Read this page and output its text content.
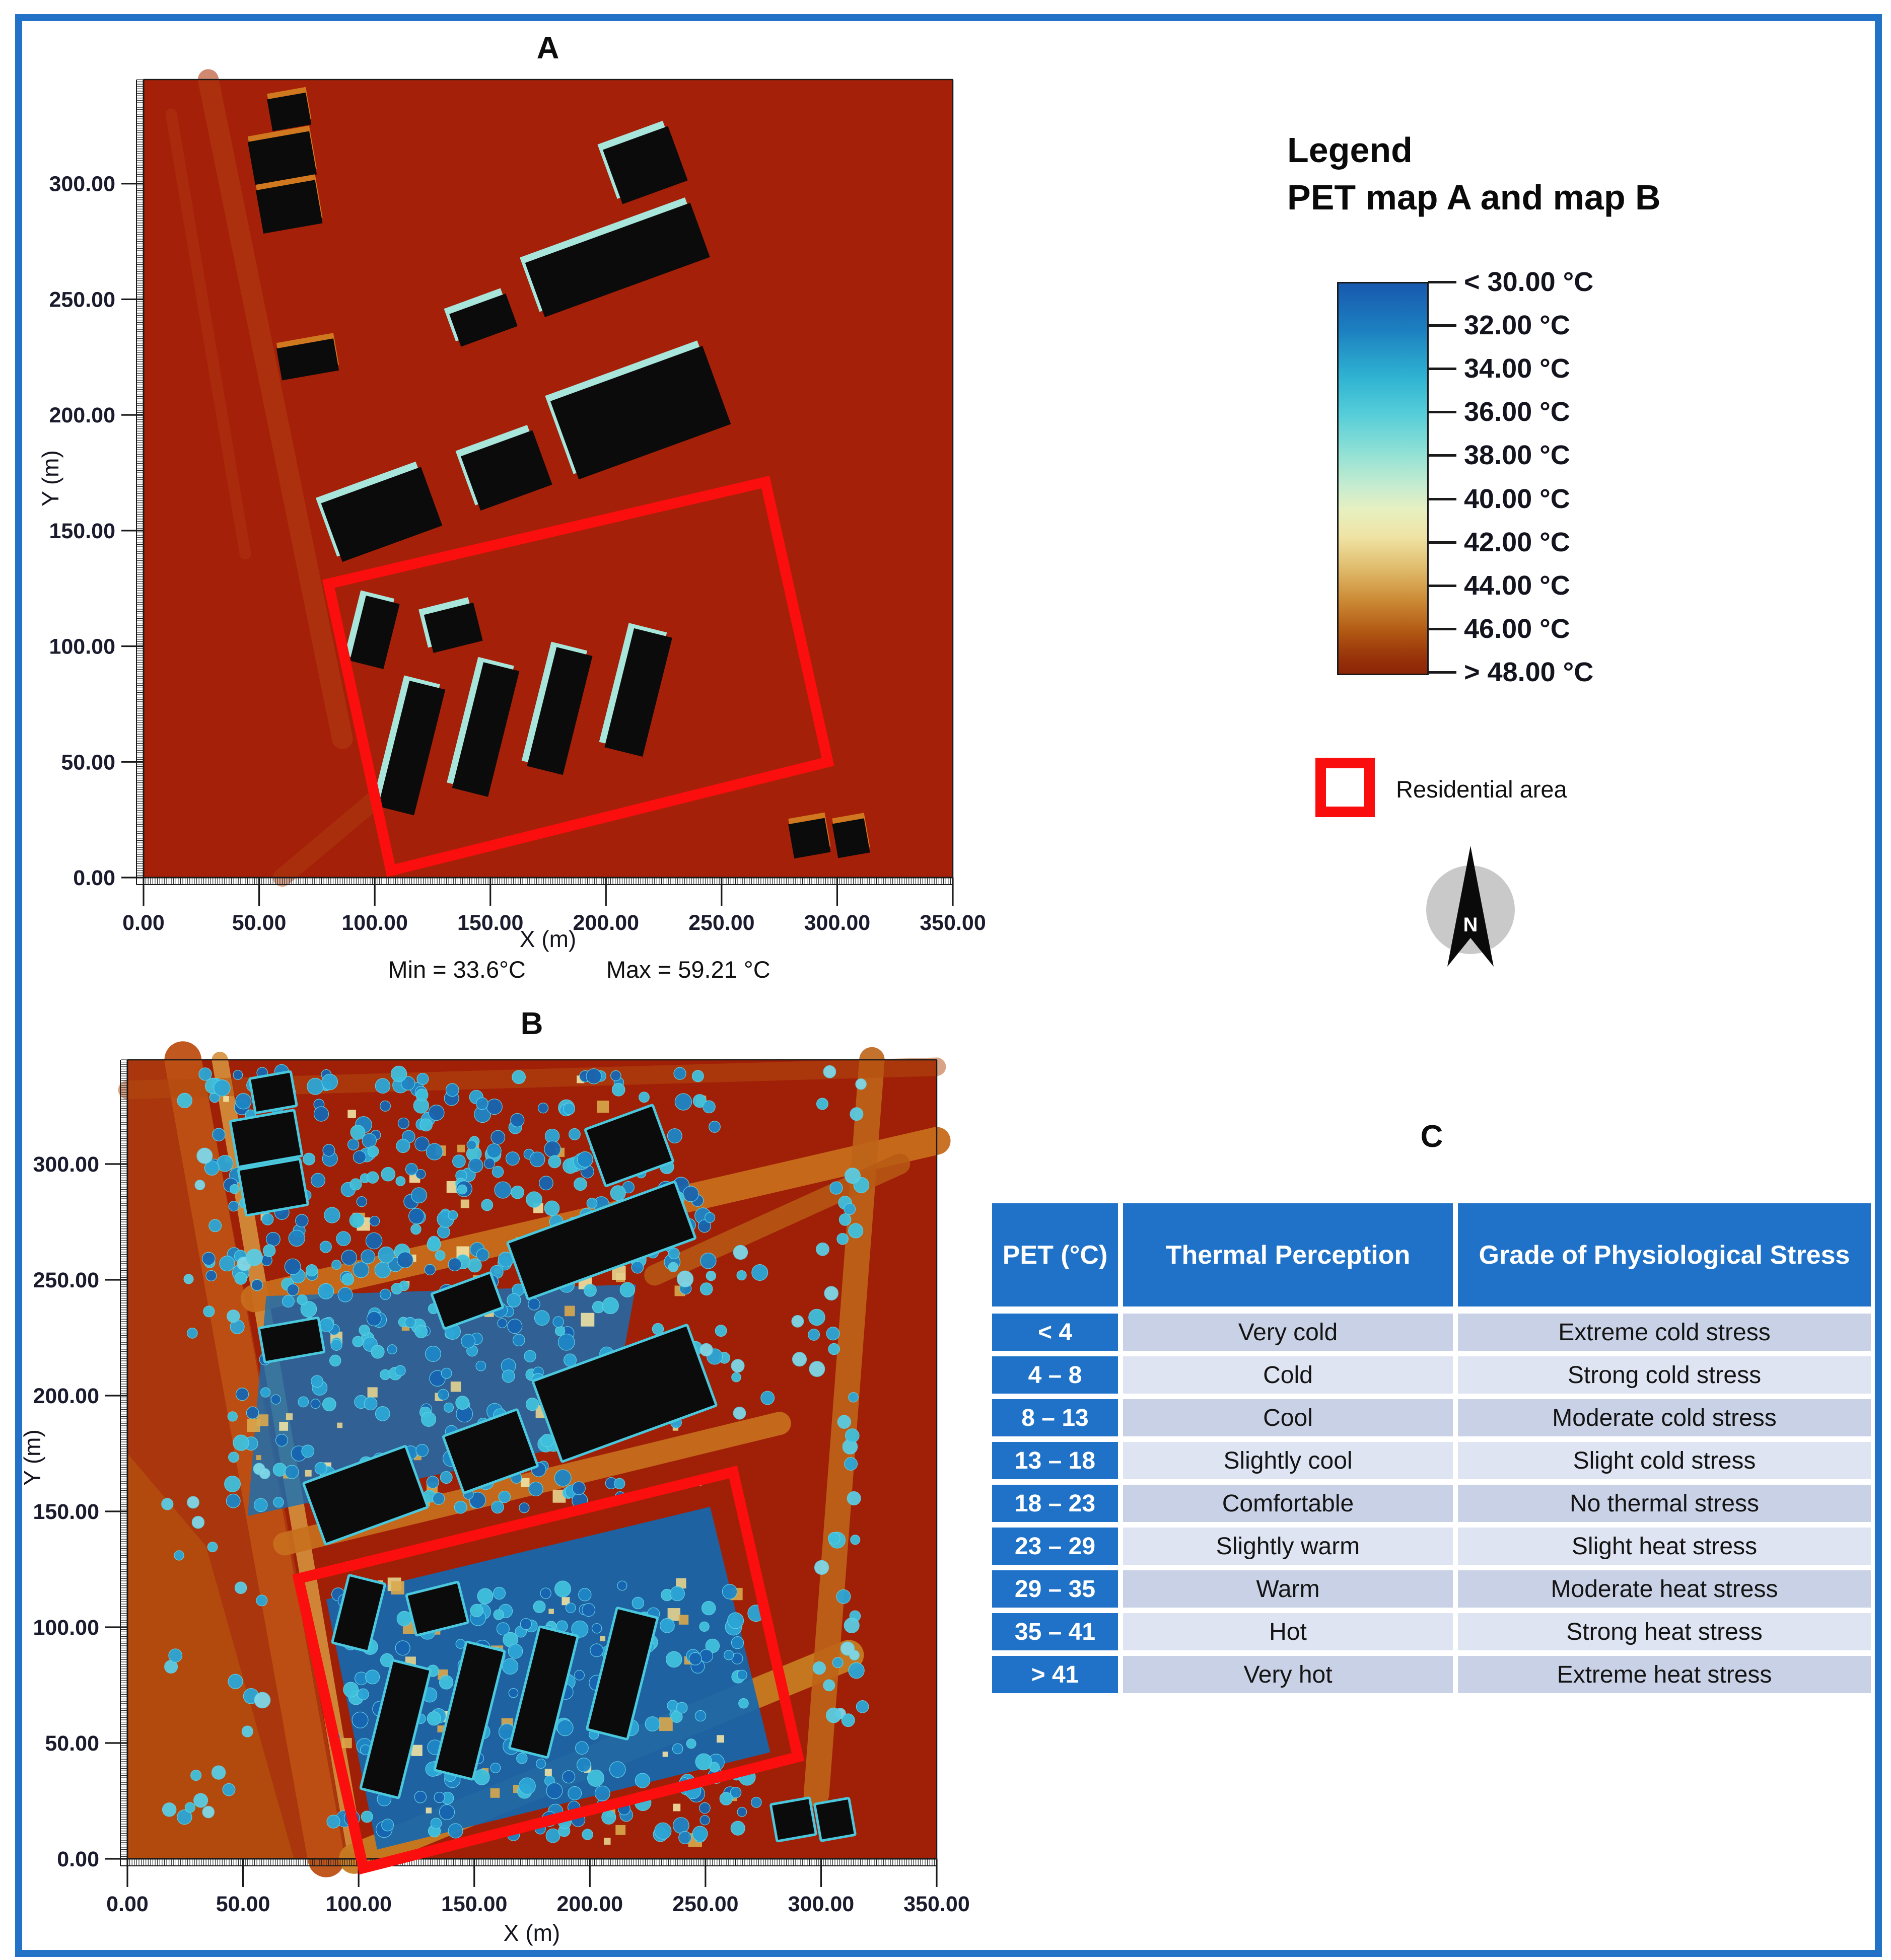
A
0.00	50.00	100.00 150.00 200.00 250.00 300.00 350.00
0.00
50.00
100.00
150.00
200.00
250.00
300.00
Y (m)
X (m)
Min = 33.6°C	Max = 59.21 °C
B
0.00	50.00	100.00 150.00 200.00 250.00 300.00 350.00
0.00
50.00
100.00
150.00
200.00
250.00
300.00
Y (m)
X (m)
Legend
PET map A and map B
< 30.00 °C
32.00 °C
34.00 °C
36.00 °C
38.00 °C
40.00 °C
42.00 °C
44.00 °C
46.00 °C
> 48.00 °C
Residential area
N
C
PET (°C)	Thermal Perception	Grade of Physiological Stress
< 4	Very cold	Extreme cold stress
4 – 8	Cold	Strong cold stress
8 – 13	Cool	Moderate cold stress
13 – 18	Slightly cool	Slight cold stress
18 – 23	Comfortable	No thermal stress
23 – 29	Slightly warm	Slight heat stress
29 – 35	Warm	Moderate heat stress
35 – 41	Hot	Strong heat stress
> 41	Very hot	Extreme heat stress
